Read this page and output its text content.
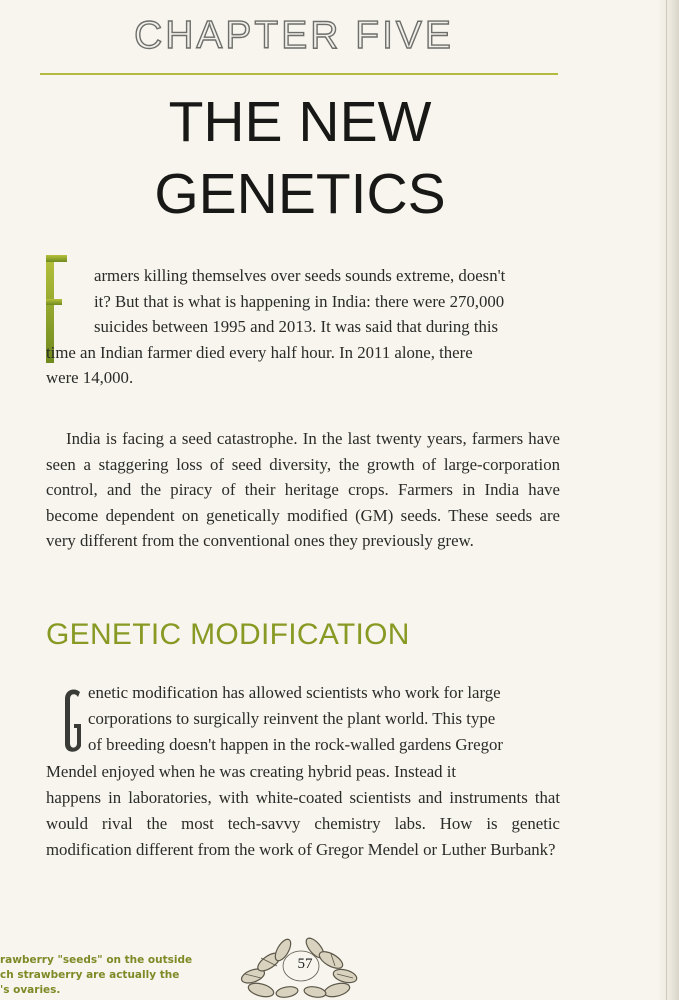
CHAPTER FIVE
THE NEW
GENETICS
F
armers killing themselves over seeds sounds extreme, doesn't
it? But that is what is happening in India: there were 270,000
suicides between 1995 and 2013. It was said that during this
time an Indian farmer died every half hour. In 2011 alone, there
were 14,000.

India is facing a seed catastrophe. In the last twenty years, farmers have seen a staggering loss of seed diversity, the growth of large-corporation control, and the piracy of their heritage crops. Farmers in India have become dependent on genetically modified (GM) seeds. These seeds are very different from the conventional ones they previously grew.

GENETIC MODIFICATION
G enetic modification has allowed scientists who work for large
corporations to surgically reinvent the plant world. This type
of breeding doesn't happen in the rock-walled gardens Gregor
Mendel enjoyed when he was creating hybrid peas. Instead it
happens in laboratories, with white-coated scientists and instruments that would rival the most tech-savvy chemistry labs. How is genetic modification different from the work of Gregor Mendel or Luther Burbank?

rawberry "seeds" on the outside

ch strawberry are actually the

's ovaries.

57
